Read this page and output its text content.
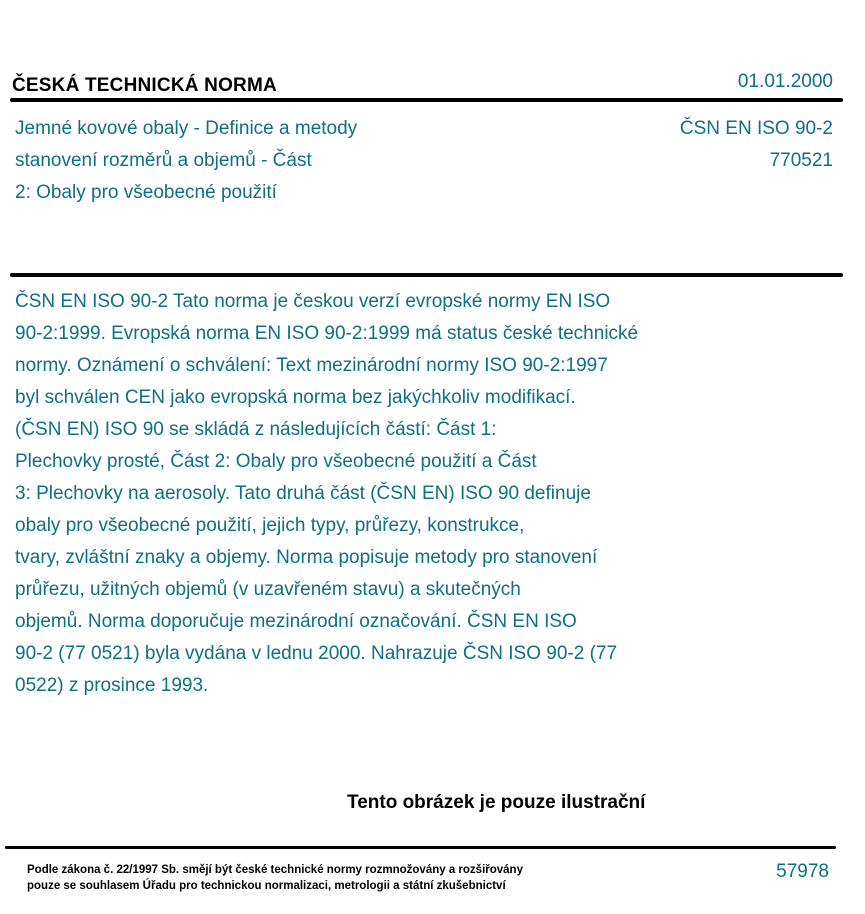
ČESKÁ TECHNICKÁ NORMA	01.01.2000
Jemné kovové obaly - Definice a metody
stanovení rozměrů a objemů - Část
2: Obaly pro všeobecné použití
ČSN EN ISO 90-2
770521
ČSN EN ISO 90-2 Tato norma je českou verzí evropské normy EN ISO
90-2:1999. Evropská norma EN ISO 90-2:1999 má status české technické
normy. Oznámení o schválení: Text mezinárodní normy ISO 90-2:1997
byl schválen CEN jako evropská norma bez jakýchkoliv modifikací.
(ČSN EN) ISO 90 se skládá z následujících částí: Část 1:
Plechovky prosté, Část 2: Obaly pro všeobecné použití a Část
3: Plechovky na aerosoly. Tato druhá část (ČSN EN) ISO 90 definuje
obaly pro všeobecné použití, jejich typy, průřezy, konstrukce,
tvary, zvláštní znaky a objemy. Norma popisuje metody pro stanovení
průřezu, užitných objemů (v uzavřeném stavu) a skutečných
objemů. Norma doporučuje mezinárodní označování. ČSN EN ISO
90-2 (77 0521) byla vydána v lednu 2000. Nahrazuje ČSN ISO 90-2 (77
0522) z prosince 1993.
Tento obrázek je pouze ilustrační
Podle zákona č. 22/1997 Sb. smějí být české technické normy rozmnožovány a rozšiřovány
pouze se souhlasem Úřadu pro technickou normalizaci, metrologii a státní zkušebnictví
57978
